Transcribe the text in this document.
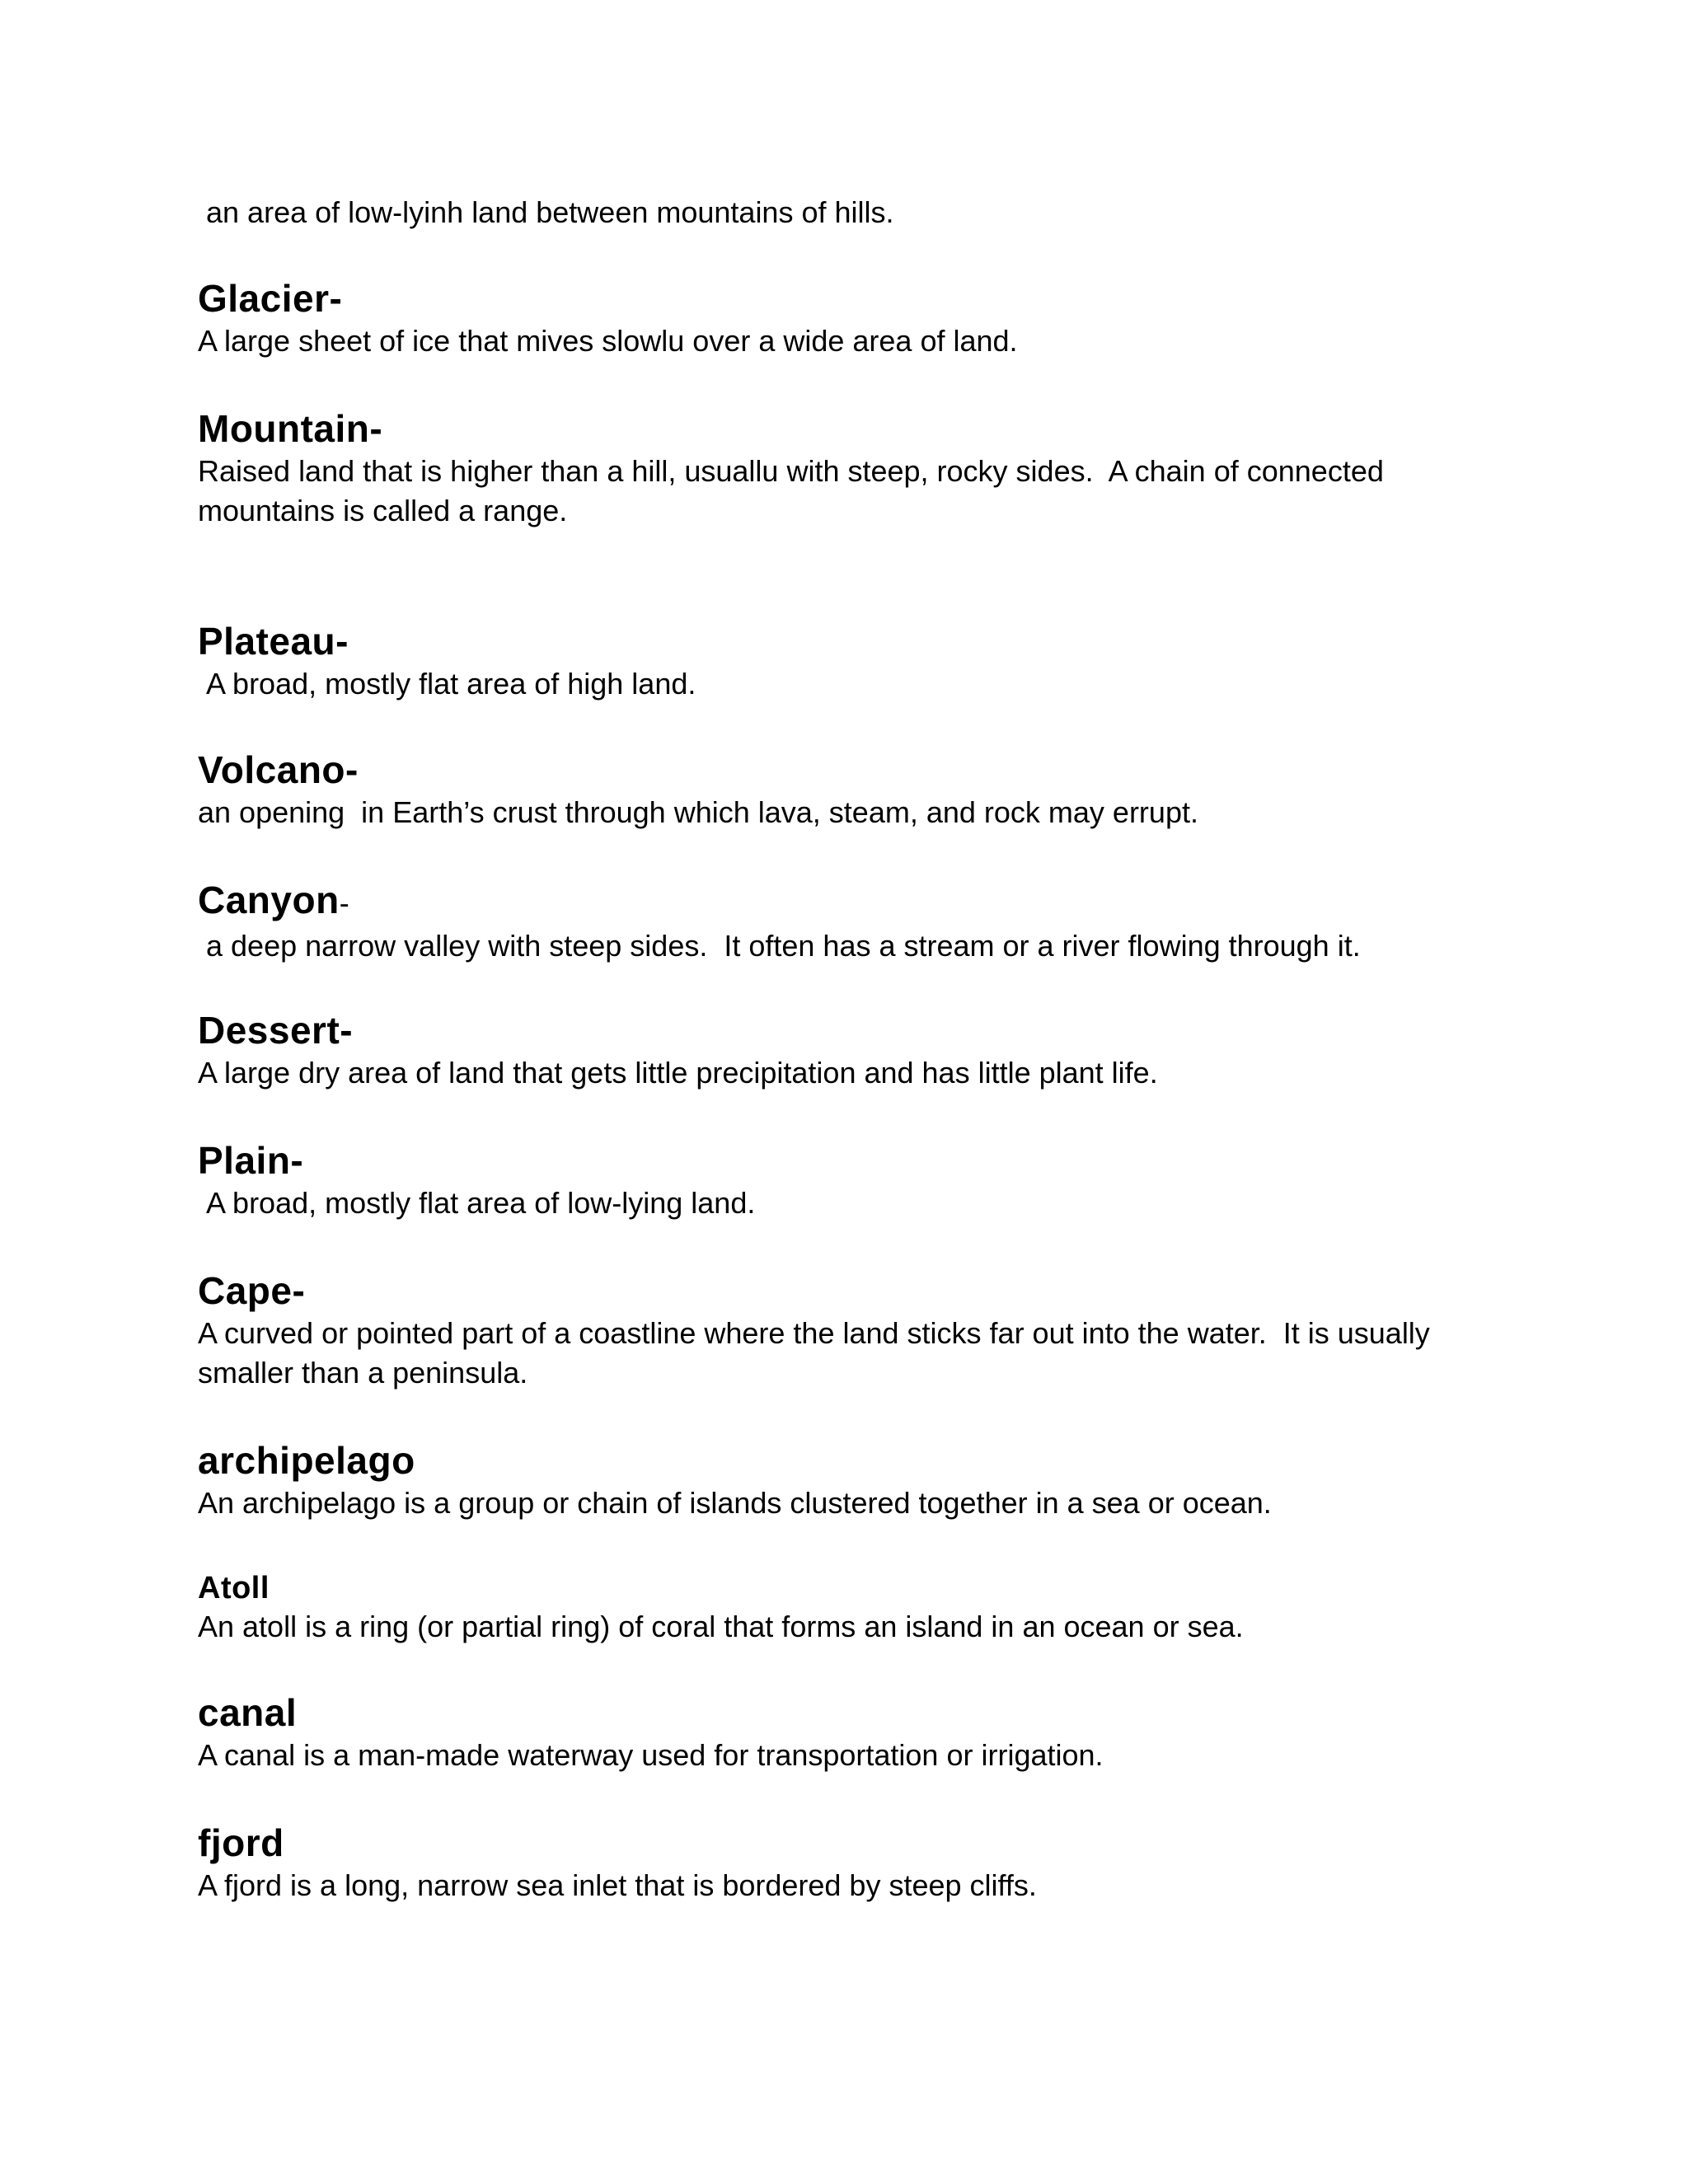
an area of low-lyinh land between mountains of hills.
Glacier-
A large sheet of ice that mives slowlu over a wide area of land.
Mountain-
Raised land that is higher than a hill, usuallu with steep, rocky sides.  A chain of connected mountains is called a range.
Plateau-
A broad, mostly flat area of high land.
Volcano-
an opening  in Earth’s crust through which lava, steam, and rock may errupt.
Canyon-
a deep narrow valley with steep sides.  It often has a stream or a river flowing through it.
Dessert-
A large dry area of land that gets little precipitation and has little plant life.
Plain-
A broad, mostly flat area of low-lying land.
Cape-
A curved or pointed part of a coastline where the land sticks far out into the water.  It is usually smaller than a peninsula.
archipelago
An archipelago is a group or chain of islands clustered together in a sea or ocean.
Atoll
An atoll is a ring (or partial ring) of coral that forms an island in an ocean or sea.
canal
A canal is a man-made waterway used for transportation or irrigation.
fjord
A fjord is a long, narrow sea inlet that is bordered by steep cliffs.
